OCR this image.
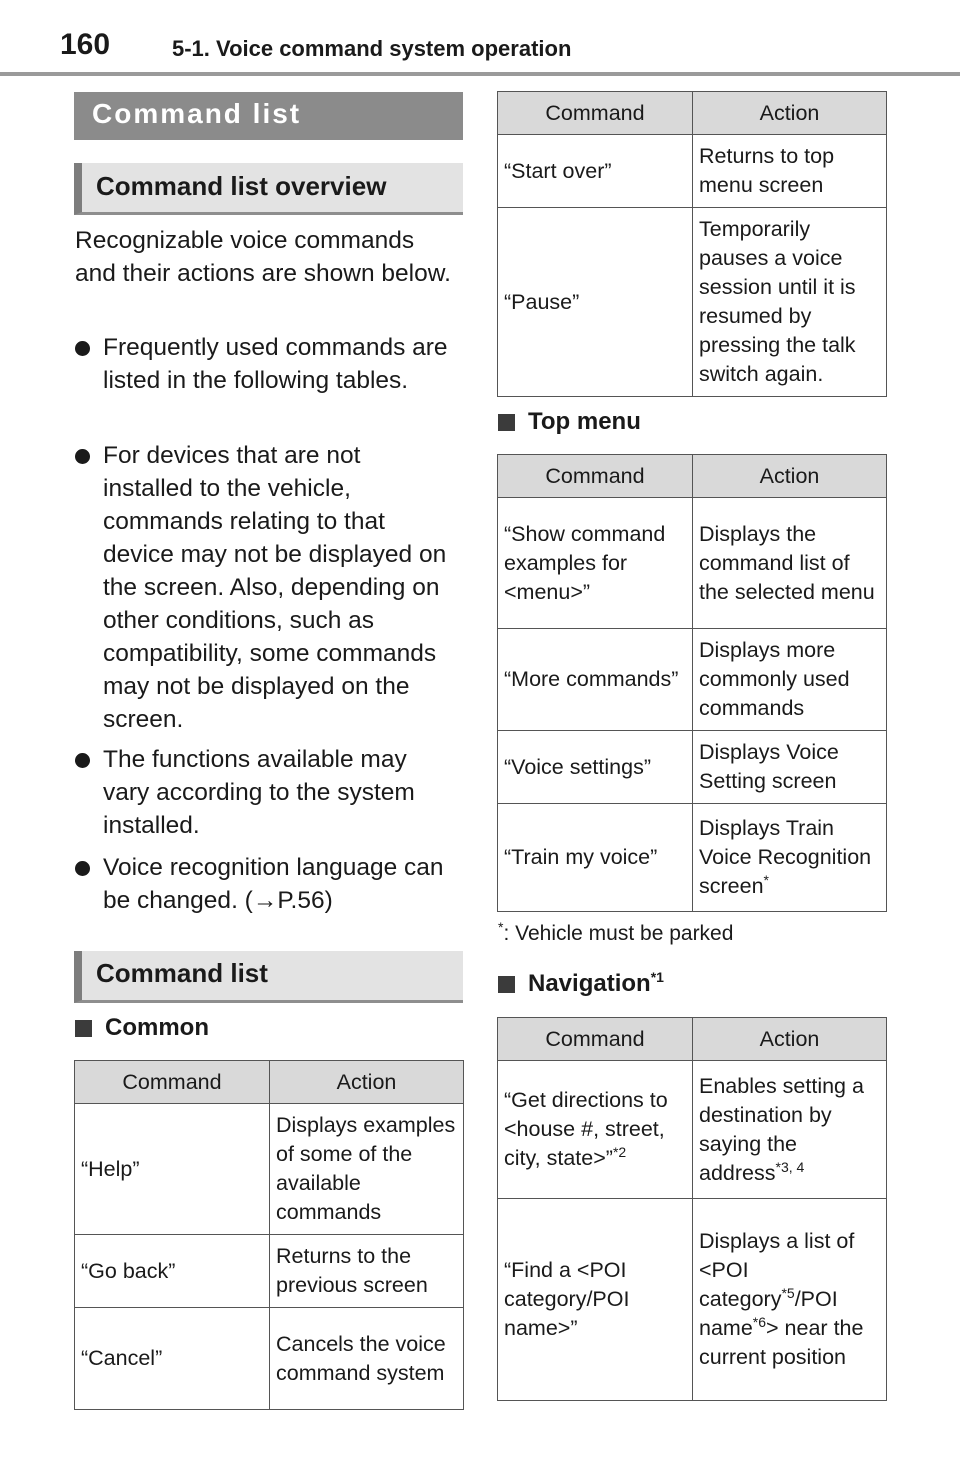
160	5-1. Voice command system operation
Command list
Command list overview
Recognizable voice commands and their actions are shown below.
Frequently used commands are listed in the following tables.
For devices that are not installed to the vehicle, commands relating to that device may not be displayed on the screen. Also, depending on other conditions, such as compatibility, some commands may not be displayed on the screen.
The functions available may vary according to the system installed.
Voice recognition language can be changed. (→P.56)
Command list
Common
Command	Action
“Help”	Displays examples of some of the available commands
“Go back”	Returns to the previous screen
“Cancel”	Cancels the voice command system
Command	Action
“Start over”	Returns to top menu screen
“Pause”	Temporarily pauses a voice session until it is resumed by pressing the talk switch again.
Top menu
Command	Action
“Show command examples for <menu>”	Displays the command list of the selected menu
“More commands”	Displays more commonly used commands
“Voice settings”	Displays Voice Setting screen
“Train my voice”	Displays Train Voice Recognition screen*
*: Vehicle must be parked
Navigation$^{*1}$
Command	Action
“Get directions to <house #, street, city, state>”$^{*2}$	Enables setting a destination by saying the address$^{*3, 4}$
“Find a <POI category/POI name>”	Displays a list of <POI category$^{*5}$/POI name$^{*6}$> near the current position
